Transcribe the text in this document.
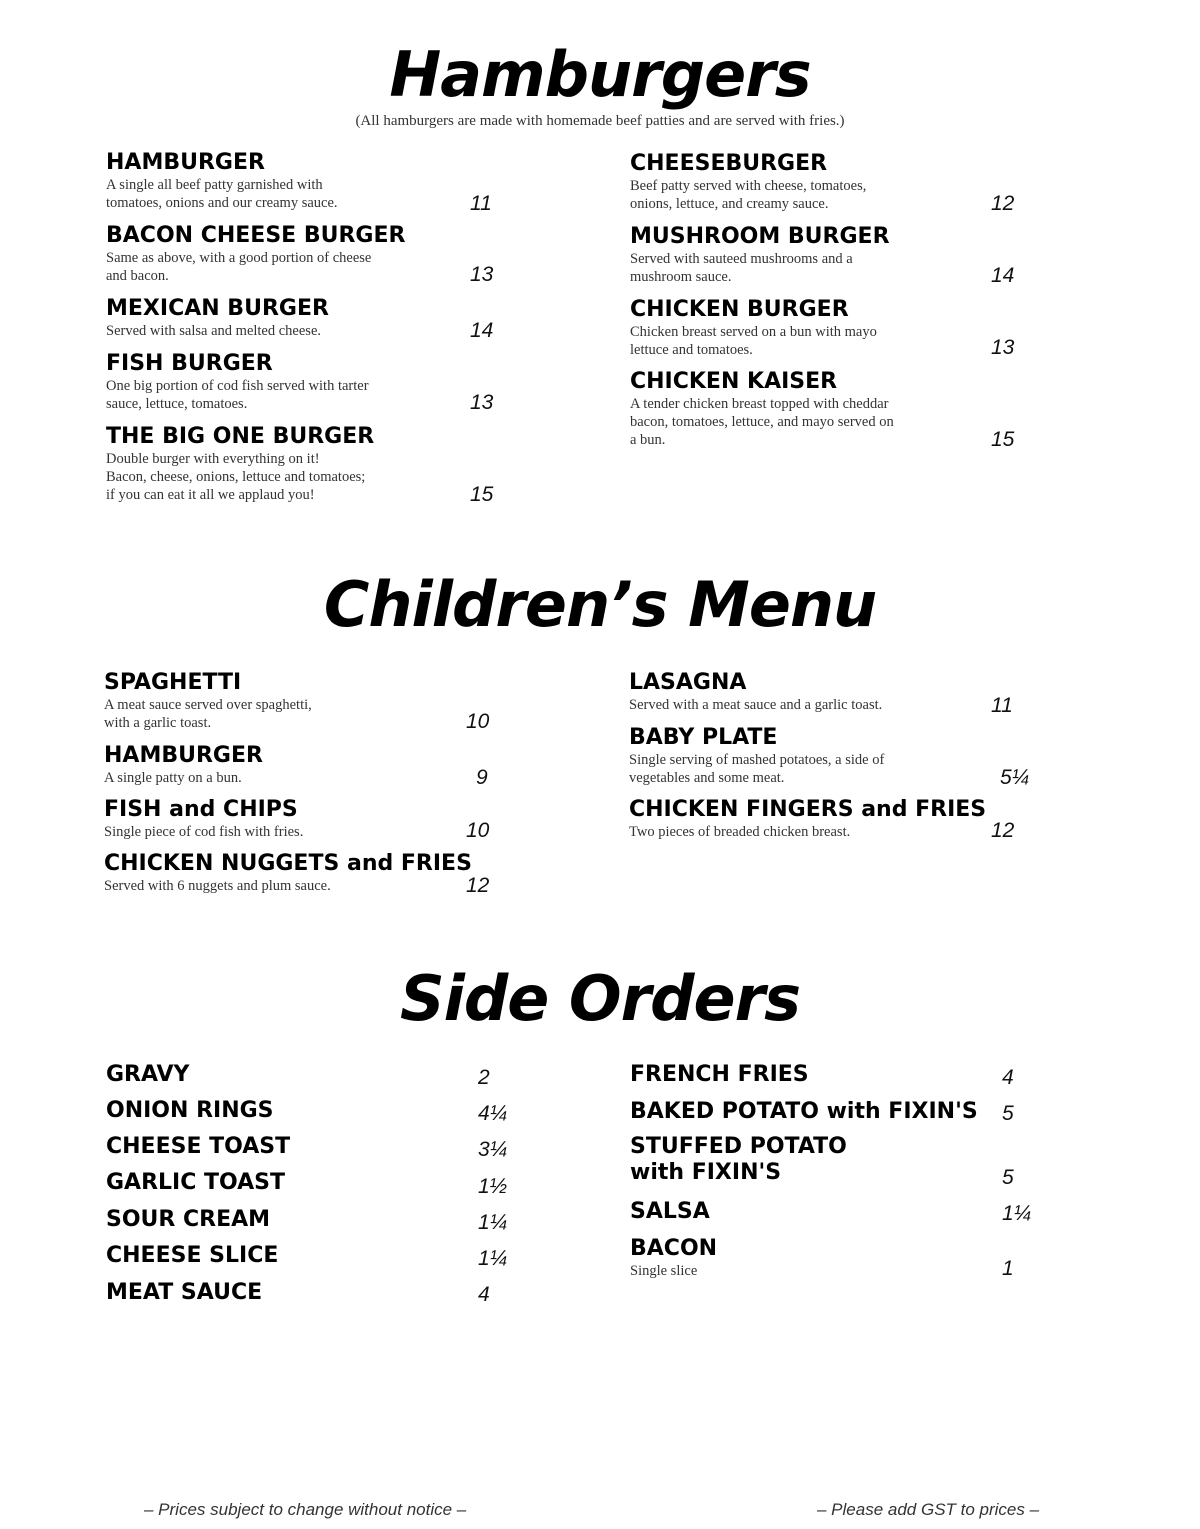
Hamburgers
(All hamburgers are made with homemade beef patties and are served with fries.)
HAMBURGER
A single all beef patty garnished with
tomatoes, onions and our creamy sauce.	11
BACON CHEESE BURGER
Same as above, with a good portion of cheese
and bacon.	13
MEXICAN BURGER
Served with salsa and melted cheese.	14
FISH BURGER
One big portion of cod fish served with tarter
sauce, lettuce, tomatoes.	13
THE BIG ONE BURGER
Double burger with everything on it!
Bacon, cheese, onions, lettuce and tomatoes;
if you can eat it all we applaud you!	15
CHEESEBURGER
Beef patty served with cheese, tomatoes,
onions, lettuce, and creamy sauce.	12
MUSHROOM BURGER
Served with sauteed mushrooms and a
mushroom sauce.	14
CHICKEN BURGER
Chicken breast served on a bun with mayo
lettuce and tomatoes.	13
CHICKEN KAISER
A tender chicken breast topped with cheddar
bacon, tomatoes, lettuce, and mayo served on
a bun.	15
Children’s Menu
SPAGHETTI
A meat sauce served over spaghetti,
with a garlic toast.	10
HAMBURGER
A single patty on a bun.	9
FISH and CHIPS
Single piece of cod fish with fries.	10
CHICKEN NUGGETS and FRIES
Served with 6 nuggets and plum sauce.	12
LASAGNA
Served with a meat sauce and a garlic toast.	11
BABY PLATE
Single serving of mashed potatoes, a side of
vegetables and some meat.	5¼
CHICKEN FINGERS and FRIES
Two pieces of breaded chicken breast.	12
Side Orders
GRAVY	2
ONION RINGS	4¼
CHEESE TOAST	3¼
GARLIC TOAST	1½
SOUR CREAM	1¼
CHEESE SLICE	1¼
MEAT SAUCE	4
FRENCH FRIES	4
BAKED POTATO with FIXIN'S 5
STUFFED POTATO
with FIXIN'S	5
SALSA	1¼
BACON
Single slice	1
– Prices subject to change without notice –	– Please add GST to prices –
